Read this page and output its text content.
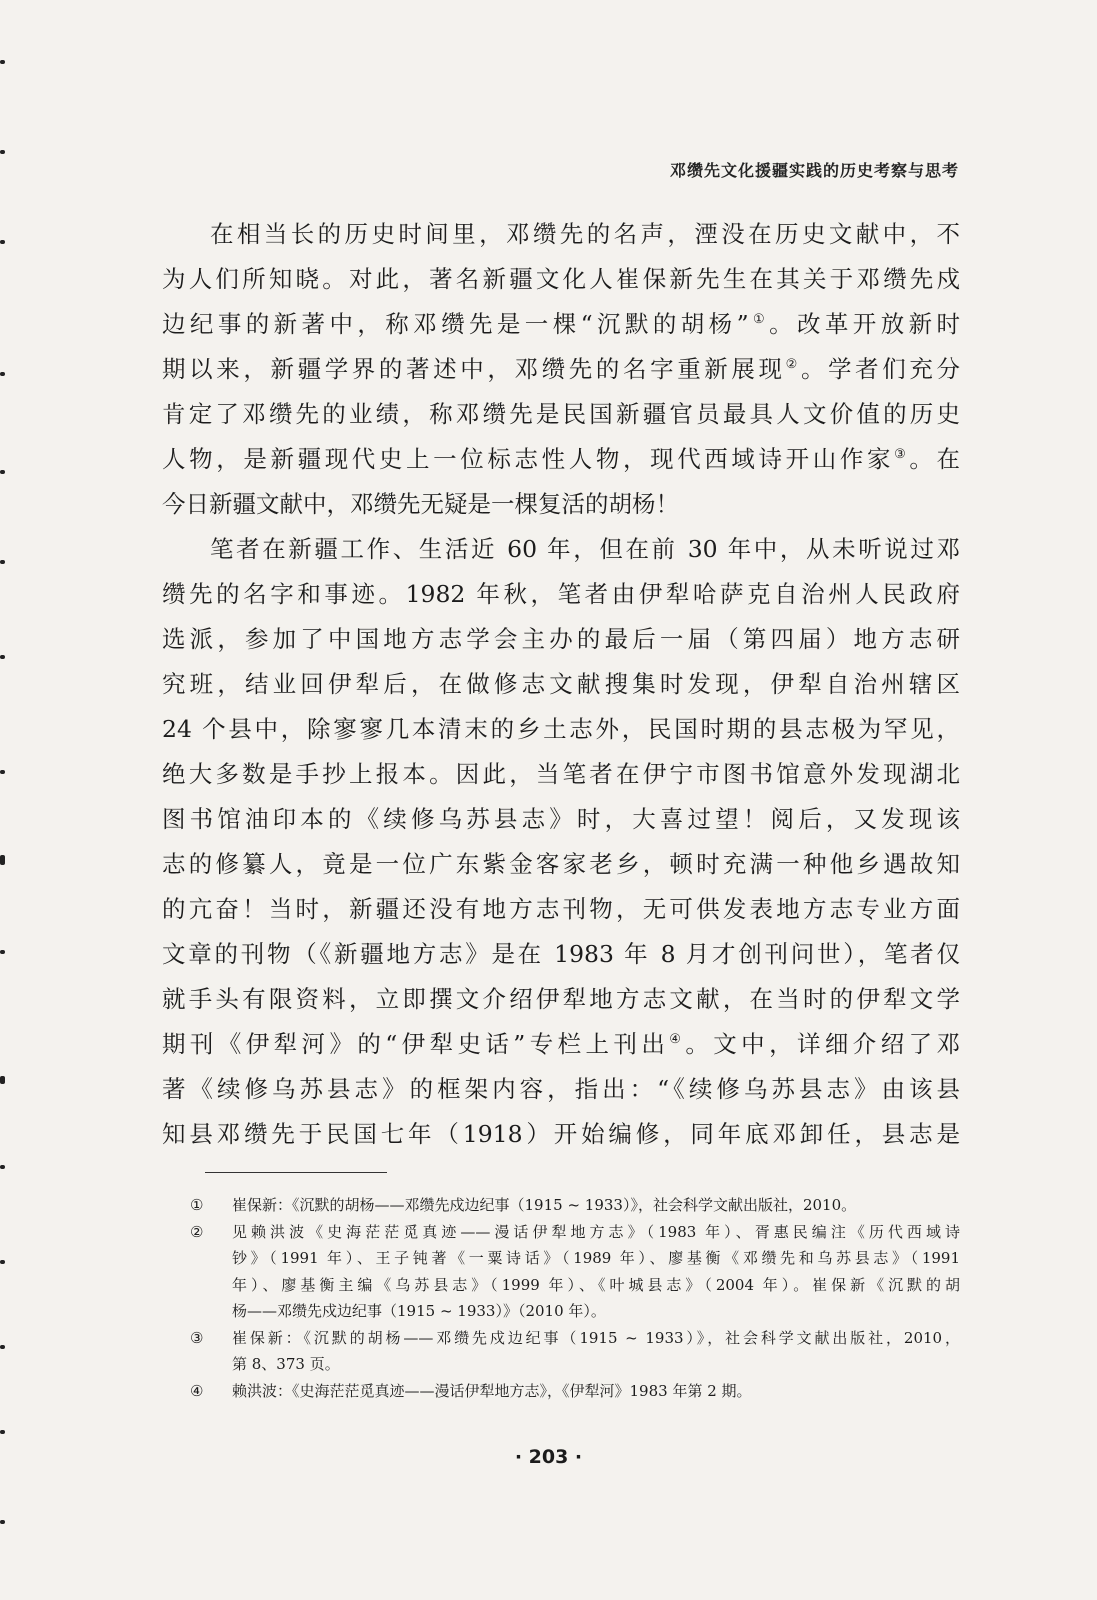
邓缵先文化援疆实践的历史考察与思考
在相当长的历史时间里，邓缵先的名声，湮没在历史文献中，不
为人们所知晓。对此，著名新疆文化人崔保新先生在其关于邓缵先戍
边纪事的新著中，称邓缵先是一棵“沉默的胡杨”①。改革开放新时
期以来，新疆学界的著述中，邓缵先的名字重新展现②。学者们充分
肯定了邓缵先的业绩，称邓缵先是民国新疆官员最具人文价值的历史
人物，是新疆现代史上一位标志性人物，现代西域诗开山作家③。在
今日新疆文献中，邓缵先无疑是一棵复活的胡杨！
笔者在新疆工作、生活近 60 年，但在前 30 年中，从未听说过邓
缵先的名字和事迹。1982 年秋，笔者由伊犁哈萨克自治州人民政府
选派，参加了中国地方志学会主办的最后一届（第四届）地方志研
究班，结业回伊犁后，在做修志文献搜集时发现，伊犁自治州辖区
24 个县中，除寥寥几本清末的乡土志外，民国时期的县志极为罕见，
绝大多数是手抄上报本。因此，当笔者在伊宁市图书馆意外发现湖北
图书馆油印本的《续修乌苏县志》时，大喜过望！阅后，又发现该
志的修纂人，竟是一位广东紫金客家老乡，顿时充满一种他乡遇故知
的亢奋！当时，新疆还没有地方志刊物，无可供发表地方志专业方面
文章的刊物（《新疆地方志》是在 1983 年 8 月才创刊问世），笔者仅
就手头有限资料，立即撰文介绍伊犁地方志文献，在当时的伊犁文学
期刊《伊犁河》的“伊犁史话”专栏上刊出④。文中，详细介绍了邓
著《续修乌苏县志》的框架内容，指出：“《续修乌苏县志》由该县
知县邓缵先于民国七年（1918）开始编修，同年底邓卸任，县志是
①	崔保新：《沉默的胡杨——邓缵先戍边纪事（1915 ~ 1933）》，社会科学文献出版社，2010。
②	见赖洪波《史海茫茫觅真迹——漫话伊犁地方志》（1983 年）、胥惠民编注《历代西域诗
钞》（1991 年）、王子钝著《一粟诗话》（1989 年）、廖基衡《邓缵先和乌苏县志》（1991
年）、廖基衡主编《乌苏县志》（1999 年）、《叶城县志》（2004 年）。崔保新《沉默的胡
杨——邓缵先戍边纪事（1915 ~ 1933）》（2010 年）。
③	崔保新：《沉默的胡杨——邓缵先戍边纪事（1915 ~ 1933）》，社会科学文献出版社，2010，
第 8、373 页。
④	赖洪波：《史海茫茫觅真迹——漫话伊犁地方志》，《伊犁河》1983 年第 2 期。
· 203 ·
